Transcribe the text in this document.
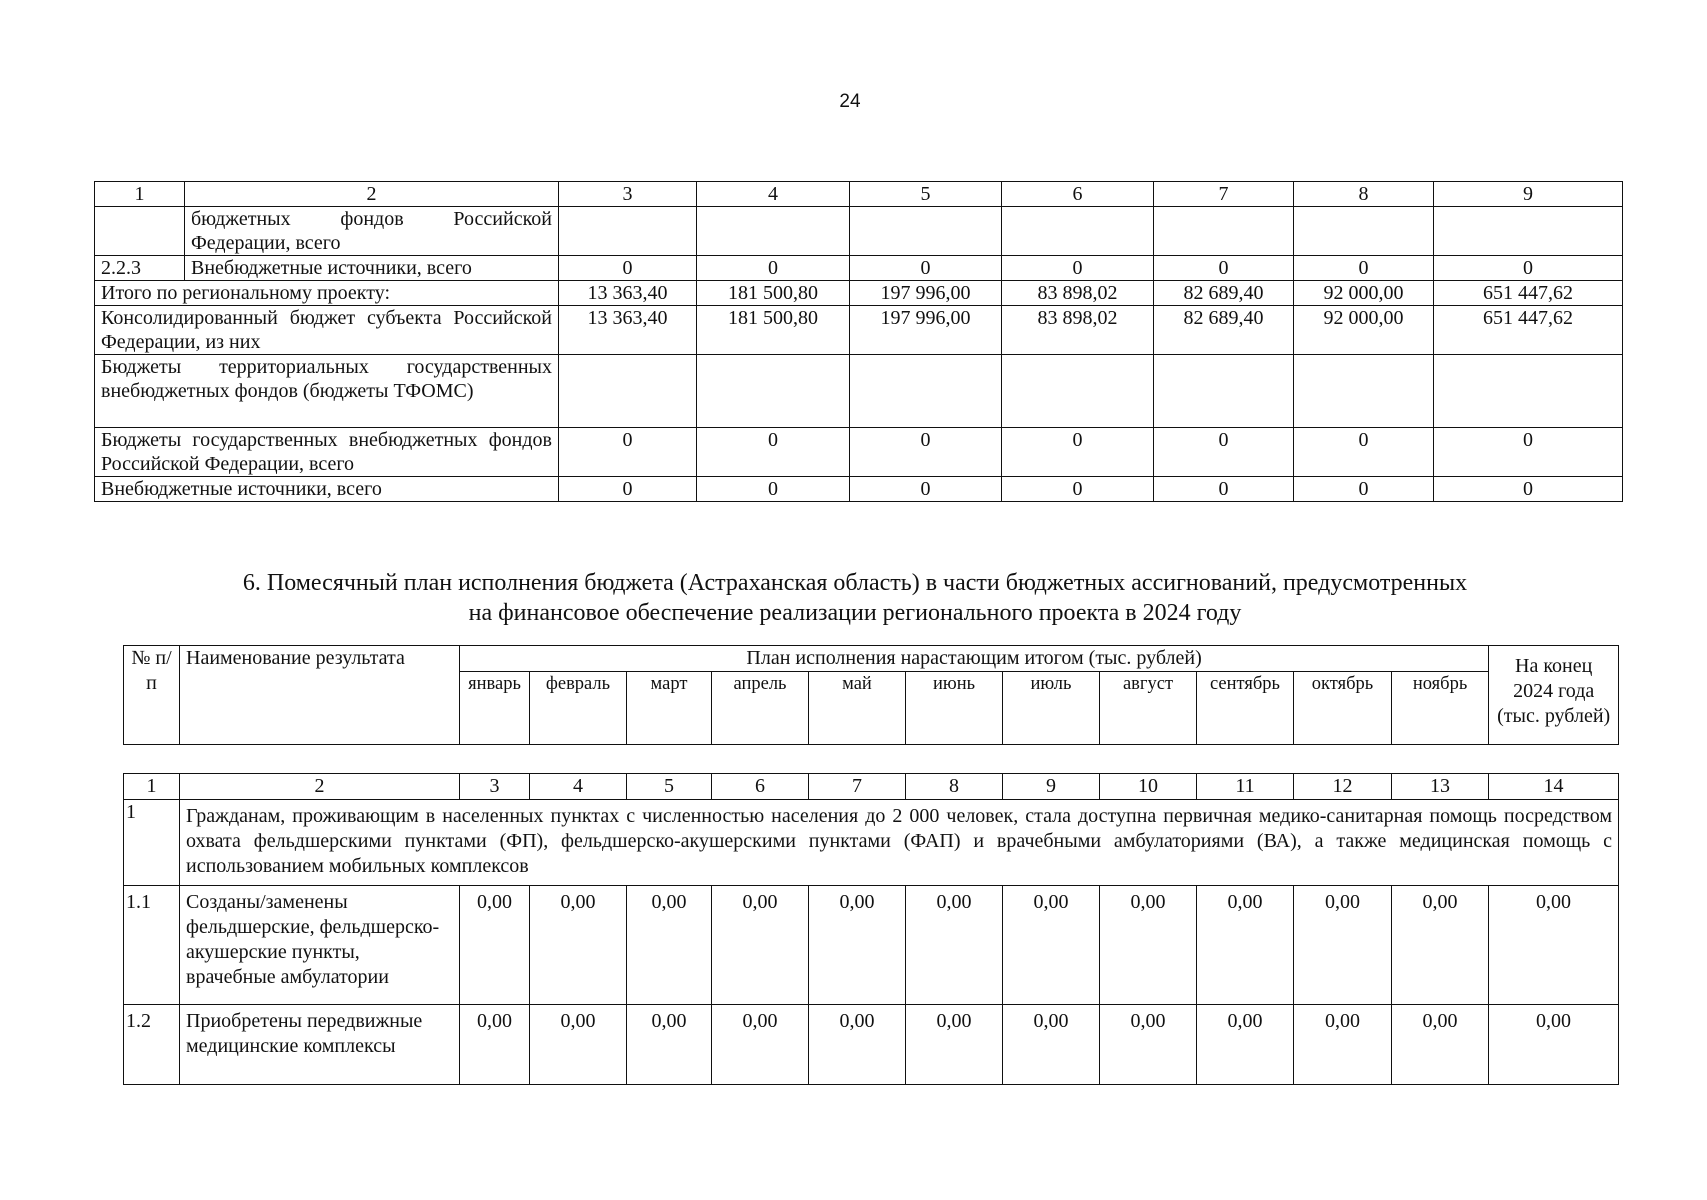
24
1	2	3	4	5	6	7	8	9
	бюджетных фондов Российской Федерации, всего							
2.2.3	Внебюджетные источники, всего	0	0	0	0	0	0	0
Итого по региональному проекту:		13 363,40	181 500,80	197 996,00	83 898,02	82 689,40	92 000,00	651 447,62
Консолидированный бюджет субъекта Российской Федерации, из них		13 363,40	181 500,80	197 996,00	83 898,02	82 689,40	92 000,00	651 447,62
Бюджеты территориальных государственных внебюджетных фондов (бюджеты ТФОМС)								
Бюджеты государственных внебюджетных фондов Российской Федерации, всего		0	0	0	0	0	0	0
Внебюджетные источники, всего		0	0	0	0	0	0	0
6. Помесячный план исполнения бюджета (Астраханская область) в части бюджетных ассигнований, предусмотренных
на финансовое обеспечение реализации регионального проекта в 2024 году
№ п/п	Наименование результата	План исполнения нарастающим итогом (тыс. рублей)											На конец 2024 года (тыс. рублей)
		январь	февраль	март	апрель	май	июнь	июль	август	сентябрь	октябрь	ноябрь	
1	2	3	4	5	6	7	8	9	10	11	12	13	14
1	Гражданам, проживающим в населенных пунктах с численностью населения до 2 000 человек, стала доступна первичная медико-санитарная помощь посредством охвата фельдшерскими пунктами (ФП), фельдшерско-акушерскими пунктами (ФАП) и врачебными амбулаториями (ВА), а также медицинская помощь с использованием мобильных комплексов												
1.1	Созданы/заменены фельдшерские, фельдшерско-акушерские пункты, врачебные амбулатории	0,00	0,00	0,00	0,00	0,00	0,00	0,00	0,00	0,00	0,00	0,00	0,00
1.2	Приобретены передвижные медицинские комплексы	0,00	0,00	0,00	0,00	0,00	0,00	0,00	0,00	0,00	0,00	0,00	0,00
